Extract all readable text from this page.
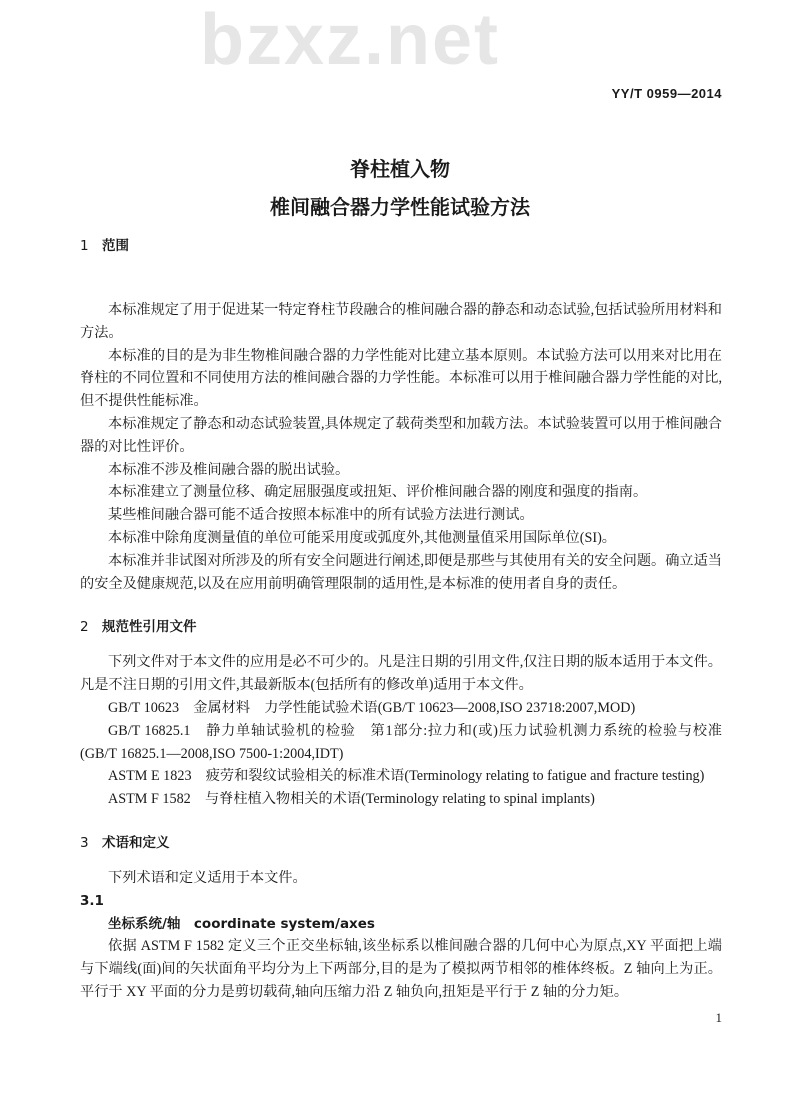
bzxz.net
YY/T 0959—2014
脊柱植入物
椎间融合器力学性能试验方法
1 范围

本标准规定了用于促进某一特定脊柱节段融合的椎间融合器的静态和动态试验,包括试验所用材料和方法。

本标准的目的是为非生物椎间融合器的力学性能对比建立基本原则。本试验方法可以用来对比用在脊柱的不同位置和不同使用方法的椎间融合器的力学性能。本标准可以用于椎间融合器力学性能的对比,但不提供性能标准。

本标准规定了静态和动态试验装置,具体规定了载荷类型和加载方法。本试验装置可以用于椎间融合器的对比性评价。

本标准不涉及椎间融合器的脱出试验。

本标准建立了测量位移、确定屈服强度或扭矩、评价椎间融合器的刚度和强度的指南。

某些椎间融合器可能不适合按照本标准中的所有试验方法进行测试。

本标准中除角度测量值的单位可能采用度或弧度外,其他测量值采用国际单位(SI)。

本标准并非试图对所涉及的所有安全问题进行阐述,即便是那些与其使用有关的安全问题。确立适当的安全及健康规范,以及在应用前明确管理限制的适用性,是本标准的使用者自身的责任。

2 规范性引用文件

下列文件对于本文件的应用是必不可少的。凡是注日期的引用文件,仅注日期的版本适用于本文件。凡是不注日期的引用文件,其最新版本(包括所有的修改单)适用于本文件。

GB/T 10623　金属材料　力学性能试验术语(GB/T 10623—2008,ISO 23718:2007,MOD)

GB/T 16825.1　静力单轴试验机的检验　第1部分:拉力和(或)压力试验机测力系统的检验与校准(GB/T 16825.1—2008,ISO 7500-1:2004,IDT)

ASTM E 1823　疲劳和裂纹试验相关的标准术语(Terminology relating to fatigue and fracture testing)

ASTM F 1582　与脊柱植入物相关的术语(Terminology relating to spinal implants)

3 术语和定义

下列术语和定义适用于本文件。

3.1

坐标系统/轴　coordinate system/axes

依据 ASTM F 1582 定义三个正交坐标轴,该坐标系以椎间融合器的几何中心为原点,XY 平面把上端与下端线(面)间的矢状面角平均分为上下两部分,目的是为了模拟两节相邻的椎体终板。Z 轴向上为正。平行于 XY 平面的分力是剪切载荷,轴向压缩力沿 Z 轴负向,扭矩是平行于 Z 轴的分力矩。

1
